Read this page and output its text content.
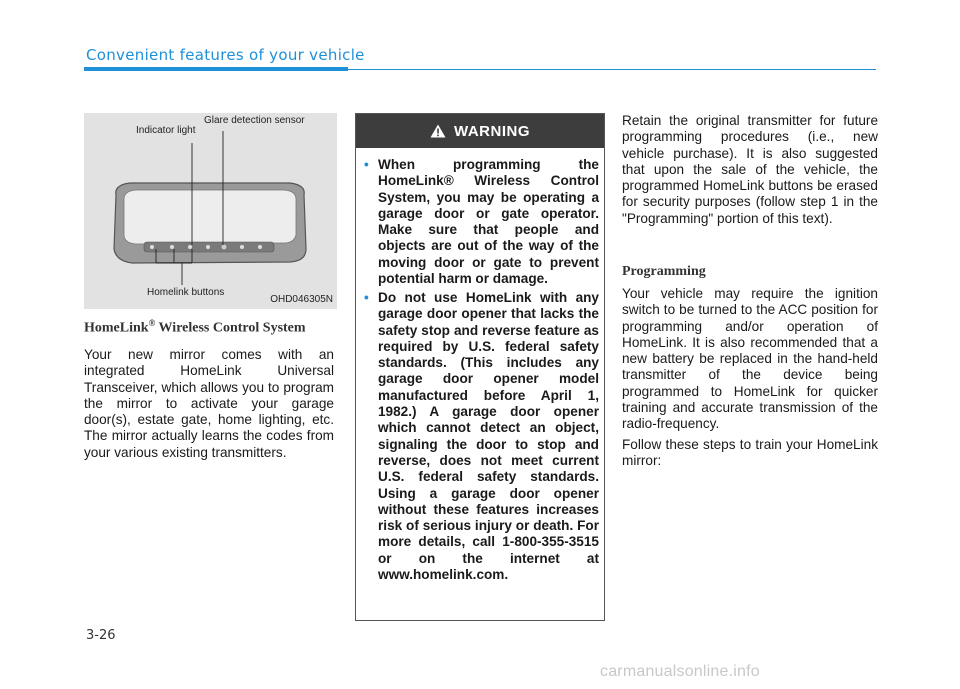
Convenient features of your vehicle
Indicator light
Glare detection sensor
Homelink buttons
OHD046305N
HomeLink® Wireless Control System

Your new mirror comes with an integrated HomeLink Universal Transceiver, which allows you to program the mirror to activate your garage door(s), estate gate, home lighting, etc. The mirror actually learns the codes from your various existing transmitters.

WARNING
• When programming the HomeLink® Wireless Control System, you may be operating a garage door or gate operator. Make sure that people and objects are out of the way of the moving door or gate to prevent potential harm or damage.
• Do not use HomeLink with any garage door opener that lacks the safety stop and reverse feature as required by U.S. federal safety standards. (This includes any garage door opener model manufactured before April 1, 1982.) A garage door opener which cannot detect an object, signaling the door to stop and reverse, does not meet current U.S. federal safety standards. Using a garage door opener without these features increases risk of serious injury or death. For more details, call 1-800-355-3515 or on the internet at www.homelink.com.

Retain the original transmitter for future programming procedures (i.e., new vehicle purchase). It is also suggested that upon the sale of the vehicle, the programmed HomeLink buttons be erased for security purposes (follow step 1 in the "Programming" portion of this text).

Programming

Your vehicle may require the ignition switch to be turned to the ACC position for programming and/or operation of HomeLink. It is also recommended that a new battery be replaced in the hand-held transmitter of the device being programmed to HomeLink for quicker training and accurate transmission of the radio-frequency.

Follow these steps to train your HomeLink mirror:

3-26
carmanualsonline.info
